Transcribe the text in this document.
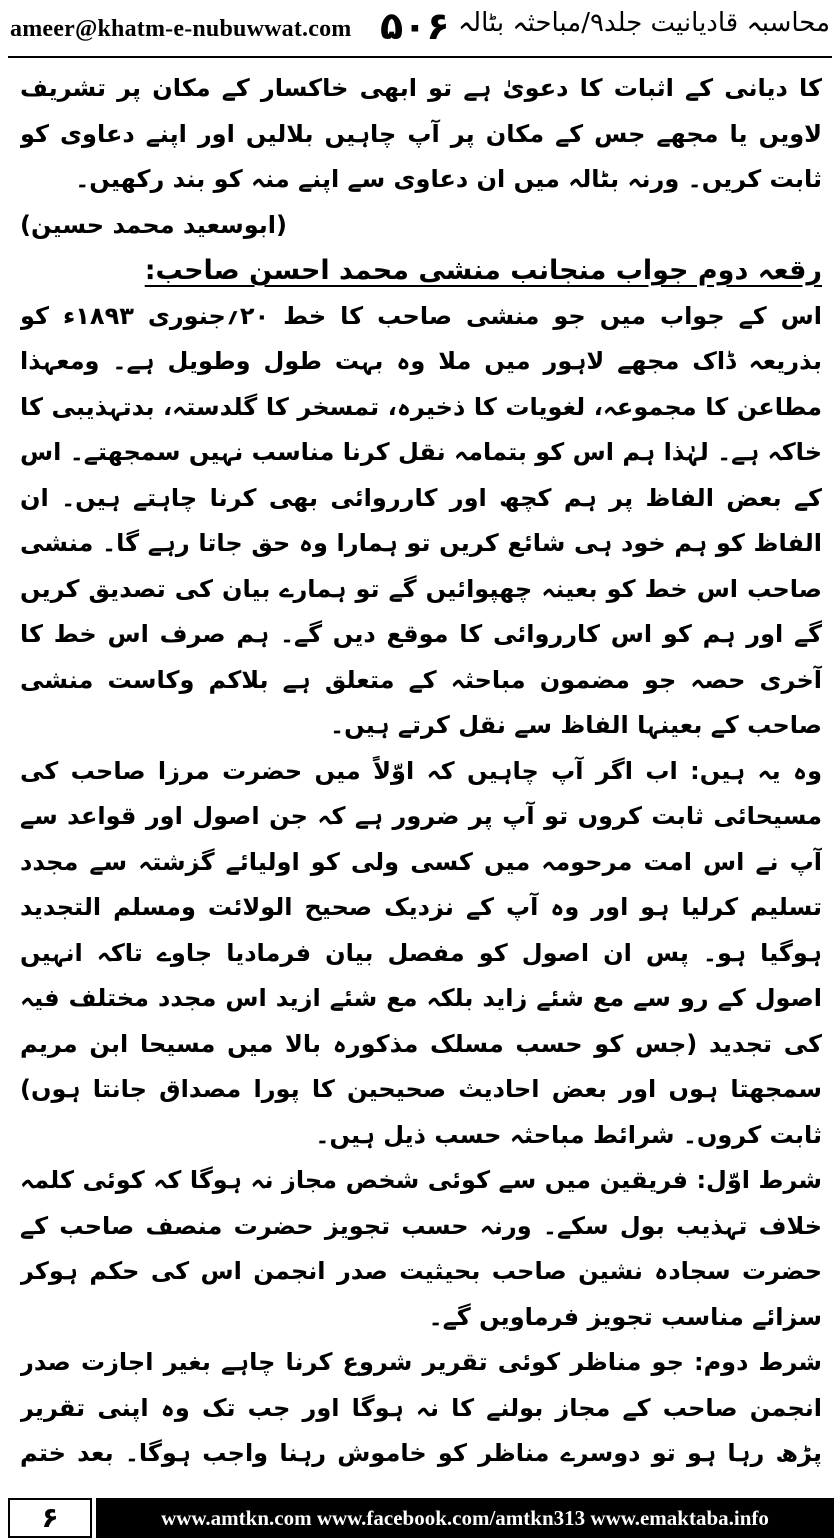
ameer@khatm-e-nubuwwat.com ۵۰۶ محاسبہ قادیانیت جلد۹/مباحثہ بٹالہ

کا دیانی کے اثبات کا دعویٰ ہے تو ابھی خاکسار کے مکان پر تشریف لاویں یا مجھے جس کے مکان پر آپ چاہیں بلالیں اور اپنے دعاوی کو ثابت کریں۔ ورنہ بٹالہ میں ان دعاوی سے اپنے منہ کو بند رکھیں۔

(ابوسعید محمد حسین)

رقعہ دوم جواب منجانب منشی محمد احسن صاحب:

اس کے جواب میں جو منشی صاحب کا خط ۲۰؍جنوری ۱۸۹۳ء کو بذریعہ ڈاک مجھے لاہور میں ملا وہ بہت طول وطویل ہے۔ ومعہذا مطاعن کا مجموعہ، لغویات کا ذخیرہ، تمسخر کا گلدستہ، بدتہذیبی کا خاکہ ہے۔ لہٰذا ہم اس کو بتمامہ نقل کرنا مناسب نہیں سمجھتے۔ اس کے بعض الفاظ پر ہم کچھ اور کارروائی بھی کرنا چاہتے ہیں۔ ان الفاظ کو ہم خود ہی شائع کریں تو ہمارا وہ حق جاتا رہے گا۔ منشی صاحب اس خط کو بعینہ چھپوائیں گے تو ہمارے بیان کی تصدیق کریں گے اور ہم کو اس کارروائی کا موقع دیں گے۔ ہم صرف اس خط کا آخری حصہ جو مضمون مباحثہ کے متعلق ہے بلاکم وکاست منشی صاحب کے بعینہا الفاظ سے نقل کرتے ہیں۔

وہ یہ ہیں: اب اگر آپ چاہیں کہ اوّلاً میں حضرت مرزا صاحب کی مسیحائی ثابت کروں تو آپ پر ضرور ہے کہ جن اصول اور قواعد سے آپ نے اس امت مرحومہ میں کسی ولی کو اولیائے گزشتہ سے مجدد تسلیم کرلیا ہو اور وہ آپ کے نزدیک صحیح الولائت ومسلم التجدید ہوگیا ہو۔ پس ان اصول کو مفصل بیان فرمادیا جاوے تاکہ انہیں اصول کے رو سے مع شئے زاید بلکہ مع شئے ازید اس مجدد مختلف فیہ کی تجدید (جس کو حسب مسلک مذکورہ بالا میں مسیحا ابن مریم سمجھتا ہوں اور بعض احادیث صحیحین کا پورا مصداق جانتا ہوں) ثابت کروں۔ شرائط مباحثہ حسب ذیل ہیں۔

شرط اوّل: فریقین میں سے کوئی شخص مجاز نہ ہوگا کہ کوئی کلمہ خلاف تہذیب بول سکے۔ ورنہ حسب تجویز حضرت منصف صاحب کے حضرت سجادہ نشین صاحب بحیثیت صدر انجمن اس کی حکم ہوکر سزائے مناسب تجویز فرماویں گے۔

شرط دوم: جو مناظر کوئی تقریر شروع کرنا چاہے بغیر اجازت صدر انجمن صاحب کے مجاز بولنے کا نہ ہوگا اور جب تک وہ اپنی تقریر پڑھ رہا ہو تو دوسرے مناظر کو خاموش رہنا واجب ہوگا۔ بعد ختم

۶	www.amtkn.com www.facebook.com/amtkn313 www.emaktaba.info
